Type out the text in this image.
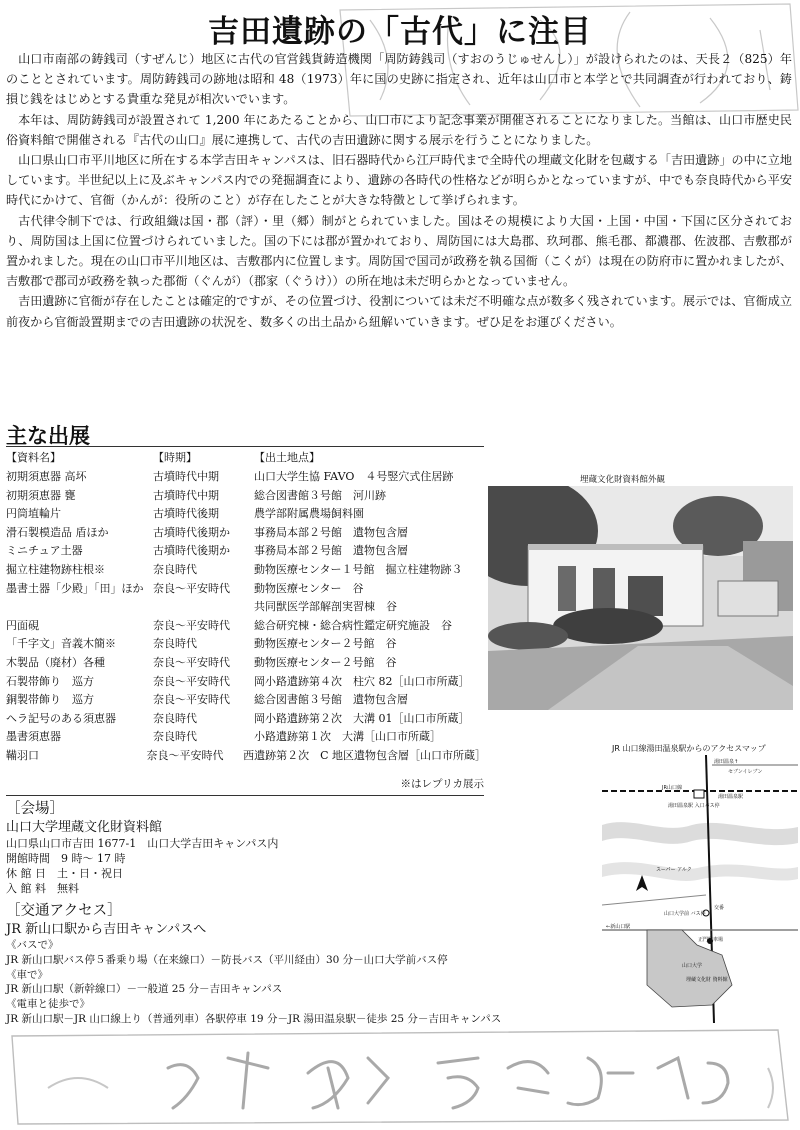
吉田遺跡の「古代」に注目

山口市南部の鋳銭司（すぜんじ）地区に古代の官営銭貨鋳造機関「周防鋳銭司（すおのうじゅせんし）」が設けられたのは、天長２（825）年のこととされています。周防鋳銭司の跡地は昭和 48（1973）年に国の史跡に指定され、近年は山口市と本学とで共同調査が行われており、鋳損じ銭をはじめとする貴重な発見が相次いでいます。

本年は、周防鋳銭司が設置されて 1,200 年にあたることから、山口市により記念事業が開催されることになりました。当館は、山口市歴史民俗資料館で開催される『古代の山口』展に連携して、古代の吉田遺跡に関する展示を行うことになりました。

山口県山口市平川地区に所在する本学吉田キャンパスは、旧石器時代から江戸時代まで全時代の埋蔵文化財を包蔵する「吉田遺跡」の中に立地しています。半世紀以上に及ぶキャンパス内での発掘調査により、遺跡の各時代の性格などが明らかとなっていますが、中でも奈良時代から平安時代にかけて、官衙（かんが：役所のこと）が存在したことが大きな特徴として挙げられます。

古代律令制下では、行政組織は国・郡（評）・里（郷）制がとられていました。国はその規模により大国・上国・中国・下国に区分されており、周防国は上国に位置づけられていました。国の下には郡が置かれており、周防国には大島郡、玖珂郡、熊毛郡、都濃郡、佐波郡、吉敷郡が置かれました。現在の山口市平川地区は、吉敷郡内に位置します。周防国で国司が政務を執る国衙（こくが）は現在の防府市に置かれましたが、吉敷郡で郡司が政務を執った郡衙（ぐんが）（郡家（ぐうけ））の所在地は未だ明らかとなっていません。

吉田遺跡に官衙が存在したことは確定的ですが、その位置づけ、役割については未だ不明確な点が数多く残されています。展示では、官衙成立前夜から官衙設置期までの吉田遺跡の状況を、数多くの出土品から紐解いていきます。ぜひ足をお運びください。

主な出展
【資料名】	【時期】	【出土地点】
初期須恵器 高坏	古墳時代中期	山口大学生協 FAVO　４号竪穴式住居跡
初期須恵器 甕	古墳時代中期	総合図書館３号館　河川跡
円筒埴輪片	古墳時代後期	農学部附属農場飼料園
滑石製模造品 盾ほか	古墳時代後期か	事務局本部２号館　遺物包含層
ミニチュア土器	古墳時代後期か	事務局本部２号館　遺物包含層
掘立柱建物跡柱根※	奈良時代	動物医療センター１号館　掘立柱建物跡３
墨書土器「少殿」「田」ほか 奈良～平安時代	動物医療センター　谷
共同獣医学部解剖実習棟　谷
円面硯	奈良～平安時代	総合研究棟・総合病性鑑定研究施設　谷
「千字文」音義木簡※	奈良時代	動物医療センター２号館　谷
木製品（廃材）各種	奈良～平安時代	動物医療センター２号館　谷
石製帯飾り　巡方	奈良～平安時代	岡小路遺跡第４次　柱穴 82［山口市所蔵］
銅製帯飾り　巡方	奈良～平安時代	総合図書館３号館　遺物包含層
ヘラ記号のある須恵器	奈良時代	岡小路遺跡第２次　大溝 01［山口市所蔵］
墨書須恵器	奈良時代	小路遺跡第１次　大溝［山口市所蔵］
鞴羽口	奈良～平安時代	西遺跡第２次　C 地区遺物包含層［山口市所蔵］
※はレプリカ展示
埋蔵文化財資料館外観
JR 山口線湯田温泉駅からのアクセスマップ
湯田温泉↑
セブンイレブン
JR山口線
湯田温泉駅
湯田温泉駅 入口バス停
スーパー アルク
交番
山口大学前 バス停
←新山口駅
正門駐車場
山口大学
埋蔵文化財 資料館
［会場］
山口大学埋蔵文化財資料館
山口県山口市吉田 1677-1　山口大学吉田キャンパス内
開館時間　9 時～ 17 時
休 館 日　土・日・祝日
入 館 料　無料
［交通アクセス］
JR 新山口駅から吉田キャンパスへ
《バスで》
JR 新山口駅バス停５番乗り場（在来線口）－防長バス（平川経由）30 分－山口大学前バス停
《車で》
JR 新山口駅（新幹線口）－一般道 25 分－吉田キャンパス
《電車と徒歩で》
JR 新山口駅－JR 山口線上り（普通列車）各駅停車 19 分－JR 湯田温泉駅－徒歩 25 分－吉田キャンパス
